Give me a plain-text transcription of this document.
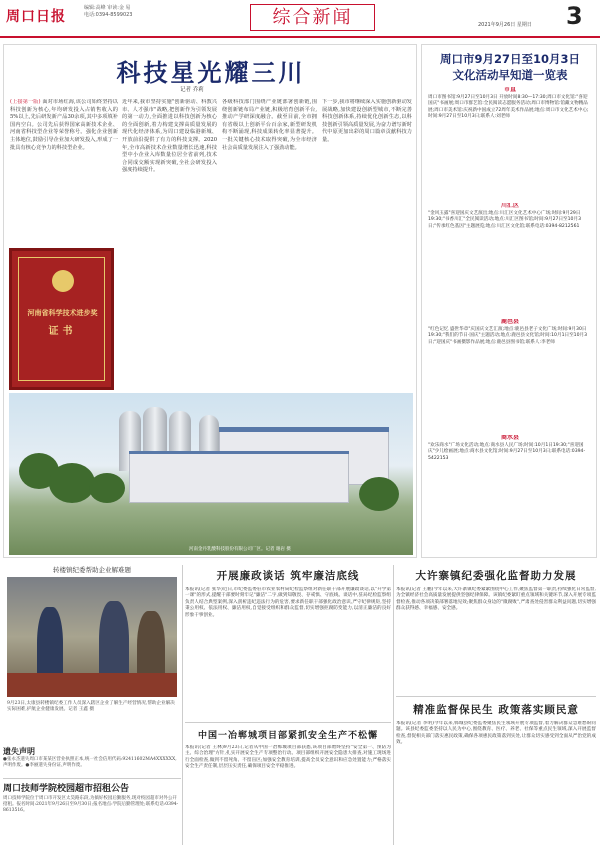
周口日报
编辑:高峰 审读:金 易
电话:0394-8599023	综合新闻	2021年9月26日 星期日 3
科技星光耀三川
记者 乔莉
(上接第一版) 面对市场红海,该公司始终坚持以科技创新为核心,年均研发投入占销售收入的5%以上,先后研发新产品30余项,其中多项填补国内空白。公司先后获得国家高新技术企业、河南省科技型企业等荣誉称号。强化企业创新主体地位,鼓励引导企业加大研发投入,形成了一批具有核心竞争力的科技型企业。
近年来,我市坚持实施"创新驱动、科教兴市、人才强市"战略,把创新作为引领发展的第一动力,全面推进以科技创新为核心的全面创新,着力构建支撑高质量发展的现代化经济体系,为周口建设临港新城、开放前沿提供了有力的科技支撑。2020年,全市高新技术企业数量增长迅速,科技型中小企业入库数量位居全省前列,技术合同成交额实现新突破,全社会研发投入强度持续提升。
各级科技部门围绕产业链部署创新链,围绕创新链布局产业链,积极培育创新平台,推动产学研深度融合。截至目前,全市拥有省级以上创新平台百余家,新型研发机构不断涌现,科技成果转化率显著提升。一批关键核心技术取得突破,为全市经济社会高质量发展注入了强劲动能。
下一步,我市将继续深入实施创新驱动发展战略,加快建设创新型城市,不断完善科技创新体系,持续优化创新生态,以科技创新引领高质量发展,为奋力谱写新时代中原更加出彩的周口篇章贡献科技力量。
河南省科学技术进步奖
证书
河南金丹乳酸科技股份有限公司厂区。记者 谢岩 摄
周口市9月27日至10月3日
文化活动早知道一览表
市直
周口市图书馆:9月27日至10月3日 开放时间8:30—17:30;周口市文化馆:"喜迎国庆"书画展;周口市群艺馆:全民阅读志愿服务活动;周口市博物馆:馆藏文物精品展;周口市美术馆:庆祝新中国成立72周年美术作品展;地点:周口市文化艺术中心;时间:9月27日至10月3日;联系人:刘老师
川汇区
"金风玉露"喜迎国庆文艺演出;地点:川汇区文化艺术中心广场;时间:9月29日19:30;"书香川汇"全民阅读活动;地点:川汇区图书馆;时间:9月27日至10月3日;"传承红色基因"主题展览;地点:川汇区文化馆;联系电话:0394-8212561
鹿邑县
"红色记忆 盛世华章"庆国庆文艺汇演;地点:鹿邑县老子文化广场;时间:9月30日19:30;"我们的节日·国庆"主题活动;地点:鹿邑县文化馆;时间:10月1日至10月3日;"迎国庆"书画摄影作品展;地点:鹿邑县图书馆;联系人:李老师
商水县
"欢乐商水"广场文化活动;地点:商水县人民广场;时间:10月1日19:30;"喜迎国庆"少儿绘画展;地点:商水县文化馆;时间:9月27日至10月3日;联系电话:0394-5422153
转楼镇纪委帮助企业解难题
9月23日,太康县转楼镇纪委工作人员深入辖区企业了解生产经营情况,帮助企业解决实际困难,护航企业健康发展。记者 王鑫 摄
遗失声明
●张永杰遗失周口市某某区营业执照正本,统一社会信用代码:92411602MA4XXXXXX,声明作废。●李丽遗失身份证,声明作废。
周口技师学院校园超市招租公告
周口技师学院位于周口市开发区太昊路东段,为搞好校园后勤服务,现对校园超市对外公开招租。报名时间:2021年9月26日至9月30日;报名地点:学院后勤管理处;联系电话:0394-8613516。
开展廉政谈话 筑牢廉洁底线
本报讯(记者 张华)近日,市纪委监委驻市农业农村局纪检监察组对新任职干部开展廉政谈话,以"开学第一课"的形式,提醒干部要时刻牢记"廉洁"二字,做到知敬畏、存戒惧、守底线。谈话中,驻局纪检监察组负责人结合典型案例,深入剖析违纪违法行为的危害,要求新任职干部强化政治意识,严守纪律规矩,坚持秉公用权、依法用权、廉洁用权,自觉接受组织和群众监督,切实增强拒腐防变能力,以清正廉洁的良好形象干事创业。
中国一冶郸城项目部紧抓安全生产不松懈
本报讯(记者 王林)9月23日,记者从中国一冶郸城项目部获悉,该项目部始终坚持"安全第一、预防为主、综合治理"方针,扎实开展安全生产专项整治行动。项目部组织开展安全隐患大排查,对施工现场进行全面检查,做到不留死角、不留盲区;加强安全教育培训,提高全员安全意识和应急处置能力;严格落实安全生产责任制,层层压实责任,确保项目安全平稳推进。
大许寨镇纪委强化监督助力发展
本报讯(记者 王鹏)今年以来,大许寨镇纪委紧紧围绕中心工作,聚焦监督第一职责,持续强化日常监督,为全镇经济社会高质量发展提供坚强纪律保障。该镇纪委紧盯重点领域和关键环节,深入开展专项监督检查,推动各项决策部署落地见效;聚焦群众身边的"微腐败",严肃查处侵害群众利益问题,切实增强群众获得感、幸福感、安全感。
精准监督保民生 政策落实顾民意
本报讯(记者 李明)今年以来,郸城县纪委监委聚焦民生领域开展专项监督,着力解决群众急难愁盼问题。该县纪委监委坚持以人民为中心,围绕教育、医疗、养老、社保等重点民生领域,深入开展监督检查,督促相关部门落实惠民政策,确保各项惠民政策落到实处,让群众切实感受到全面从严治党的成效。
